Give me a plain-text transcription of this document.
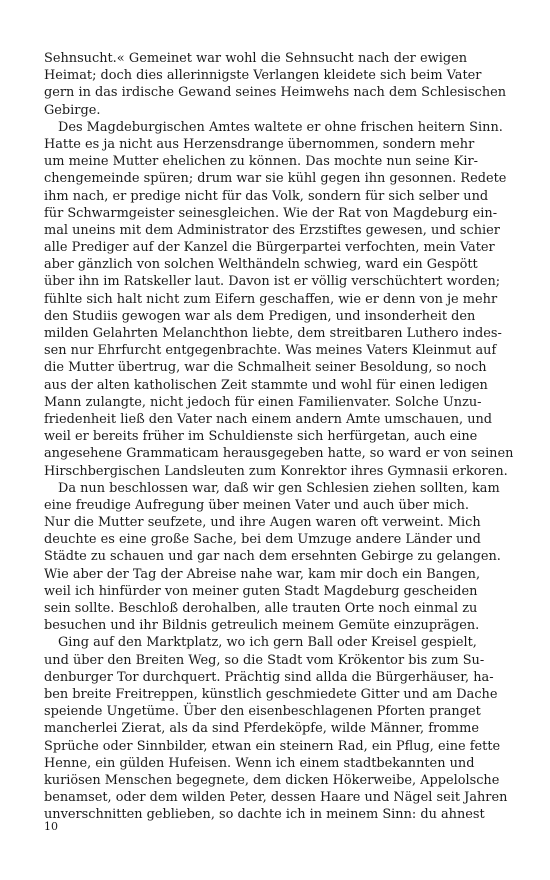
Sehnsucht.« Gemeinet war wohl die Sehnsucht nach der ewigen
Heimat; doch dies allerinnigste Verlangen kleidete sich beim Vater
gern in das irdische Gewand seines Heimwehs nach dem Schlesischen
Gebirge.
Des Magdeburgischen Amtes waltete er ohne frischen heitern Sinn.
Hatte es ja nicht aus Herzensdrange übernommen, sondern mehr
um meine Mutter ehelichen zu können. Das mochte nun seine Kir-
chengemeinde spüren; drum war sie kühl gegen ihn gesonnen. Redete
ihm nach, er predige nicht für das Volk, sondern für sich selber und
für Schwarmgeister seinesgleichen. Wie der Rat von Magdeburg ein-
mal uneins mit dem Administrator des Erzstiftes gewesen, und schier
alle Prediger auf der Kanzel die Bürgerpartei verfochten, mein Vater
aber gänzlich von solchen Welthändeln schwieg, ward ein Gespött
über ihn im Ratskeller laut. Davon ist er völlig verschüchtert worden;
fühlte sich halt nicht zum Eifern geschaffen, wie er denn von je mehr
den Studiis gewogen war als dem Predigen, und insonderheit den
milden Gelahrten Melanchthon liebte, dem streitbaren Luthero indes-
sen nur Ehrfurcht entgegenbrachte. Was meines Vaters Kleinmut auf
die Mutter übertrug, war die Schmalheit seiner Besoldung, so noch
aus der alten katholischen Zeit stammte und wohl für einen ledigen
Mann zulangte, nicht jedoch für einen Familienvater. Solche Unzu-
friedenheit ließ den Vater nach einem andern Amte umschauen, und
weil er bereits früher im Schuldienste sich herfürgetan, auch eine
angesehene Grammaticam herausgegeben hatte, so ward er von seinen
Hirschbergischen Landsleuten zum Konrektor ihres Gymnasii erkoren.
Da nun beschlossen war, daß wir gen Schlesien ziehen sollten, kam
eine freudige Aufregung über meinen Vater und auch über mich.
Nur die Mutter seufzete, und ihre Augen waren oft verweint. Mich
deuchte es eine große Sache, bei dem Umzuge andere Länder und
Städte zu schauen und gar nach dem ersehnten Gebirge zu gelangen.
Wie aber der Tag der Abreise nahe war, kam mir doch ein Bangen,
weil ich hinfürder von meiner guten Stadt Magdeburg gescheiden
sein sollte. Beschloß derohalben, alle trauten Orte noch einmal zu
besuchen und ihr Bildnis getreulich meinem Gemüte einzuprägen.
Ging auf den Marktplatz, wo ich gern Ball oder Kreisel gespielt,
und über den Breiten Weg, so die Stadt vom Krökentor bis zum Su-
denburger Tor durchquert. Prächtig sind allda die Bürgerhäuser, ha-
ben breite Freitreppen, künstlich geschmiedete Gitter und am Dache
speiende Ungetüme. Über den eisenbeschlagenen Pforten pranget
mancherlei Zierat, als da sind Pferdeköpfe, wilde Männer, fromme
Sprüche oder Sinnbilder, etwan ein steinern Rad, ein Pflug, eine fette
Henne, ein gülden Hufeisen. Wenn ich einem stadtbekannten und
kuriösen Menschen begegnete, dem dicken Hökerweibe, Appelolsche
benamset, oder dem wilden Peter, dessen Haare und Nägel seit Jahren
unverschnitten geblieben, so dachte ich in meinem Sinn: du ahnest
10
